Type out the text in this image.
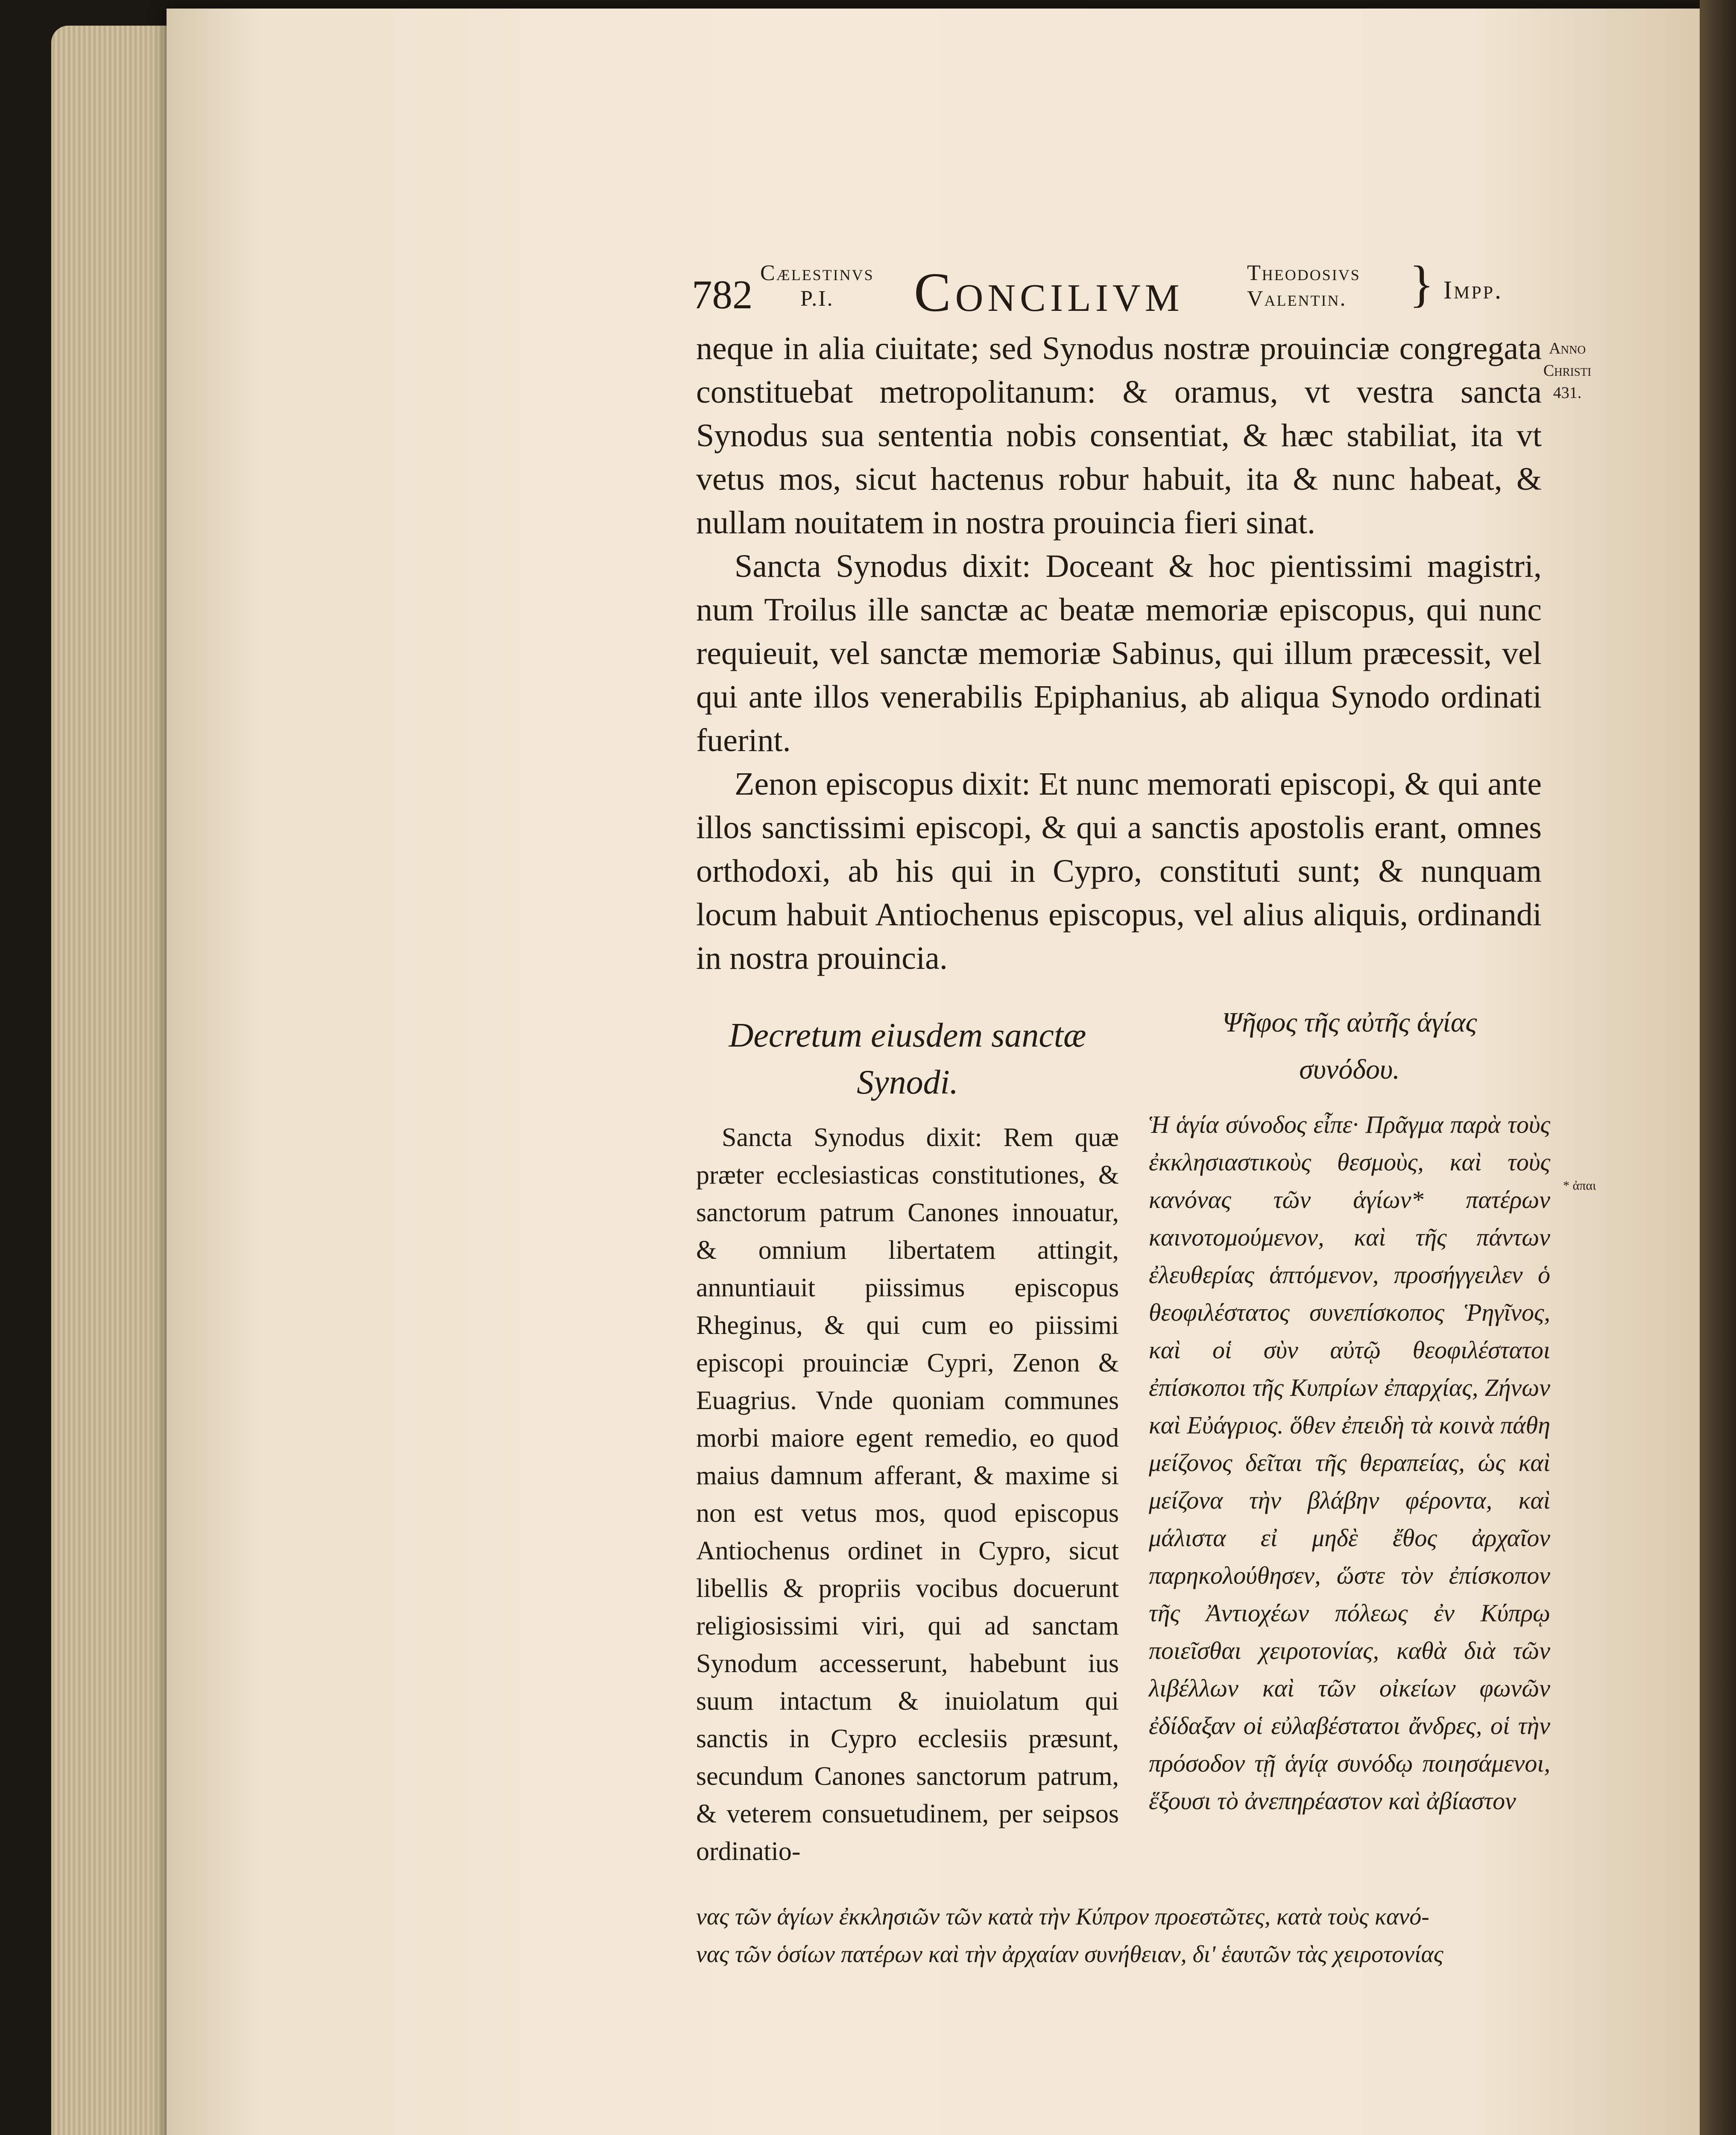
782 Cælestinvs
P.I.	Concilivm	Theodosivs
Valentin. } Impp.
Anno
Christi
431.

neque in alia ciuitate; sed Synodus nostræ prouinciæ congregata constituebat metropolitanum: & oramus, vt vestra sancta Synodus sua sententia nobis consentiat, & hæc stabiliat, ita vt vetus mos, sicut hactenus robur habuit, ita & nunc habeat, & nullam nouitatem in nostra prouincia fieri sinat.

Sancta Synodus dixit: Doceant & hoc pientissimi magistri, num Troilus ille sanctæ ac beatæ memoriæ episcopus, qui nunc requieuit, vel sanctæ memoriæ Sabinus, qui illum præcessit, vel qui ante illos venerabilis Epiphanius, ab aliqua Synodo ordinati fuerint.

Zenon episcopus dixit: Et nunc memorati episcopi, & qui ante illos sanctissimi episcopi, & qui a sanctis apostolis erant, omnes orthodoxi, ab his qui in Cypro, constituti sunt; & nunquam locum habuit Antiochenus episcopus, vel alius aliquis, ordinandi in nostra prouincia.

Decretum eiusdem sanctæ
Synodi.

Sancta Synodus dixit: Rem quæ præter ecclesiasticas constitutiones, & sanctorum patrum Canones innouatur, & omnium libertatem attingit, annuntiauit piissimus episcopus Rheginus, & qui cum eo piissimi episcopi prouinciæ Cypri, Zenon & Euagrius. Vnde quoniam communes morbi maiore egent remedio, eo quod maius damnum afferant, & maxime si non est vetus mos, quod episcopus Antiochenus ordinet in Cypro, sicut libellis & propriis vocibus docuerunt religiosissimi viri, qui ad sanctam Synodum accesserunt, habebunt ius suum intactum & inuiolatum qui sanctis in Cypro ecclesiis præsunt, secundum Canones sanctorum patrum, & veterem consuetudinem, per seipsos ordinatio-

Ψῆφος τῆς αὐτῆς ἁγίας
συνόδου.

Ἡ ἁγία σύνοδος εἶπε· Πρᾶγμα παρὰ τοὺς ἐκκλησιαστικοὺς θεσμοὺς, καὶ τοὺς κανόνας τῶν ἁγίων* πατέρων καινοτομούμενον, καὶ τῆς πάντων ἐλευθερίας ἁπτόμενον, προσήγγειλεν ὁ θεοφιλέστατος συνεπίσκοπος Ῥηγῖνος, καὶ οἱ σὺν αὐτῷ θεοφιλέστατοι ἐπίσκοποι τῆς Κυπρίων ἐπαρχίας, Ζήνων καὶ Εὐάγριος. ὅθεν ἐπειδὴ τὰ κοινὰ πάθη μείζονος δεῖται τῆς θεραπείας, ὡς καὶ μείζονα τὴν βλάβην φέροντα, καὶ μάλιστα εἰ μηδὲ ἔθος ἀρχαῖον παρηκολούθησεν, ὥστε τὸν ἐπίσκοπον τῆς Ἀντιοχέων πόλεως ἐν Κύπρῳ ποιεῖσθαι χειροτονίας, καθὰ διὰ τῶν λιβέλλων καὶ τῶν οἰκείων φωνῶν ἐδίδαξαν οἱ εὐλαβέστατοι ἄνδρες, οἱ τὴν πρόσοδον τῇ ἁγίᾳ συνόδῳ ποιησάμενοι, ἕξουσι τὸ ἀνεπηρέαστον καὶ ἀβίαστον

* ἀπαι
νας τῶν ἁγίων ἐκκλησιῶν τῶν κατὰ τὴν Κύπρον προεστῶτες, κατὰ τοὺς κανό-
νας τῶν ὁσίων πατέρων καὶ τὴν ἀρχαίαν συνήθειαν, δι' ἑαυτῶν τὰς χειροτονίας
